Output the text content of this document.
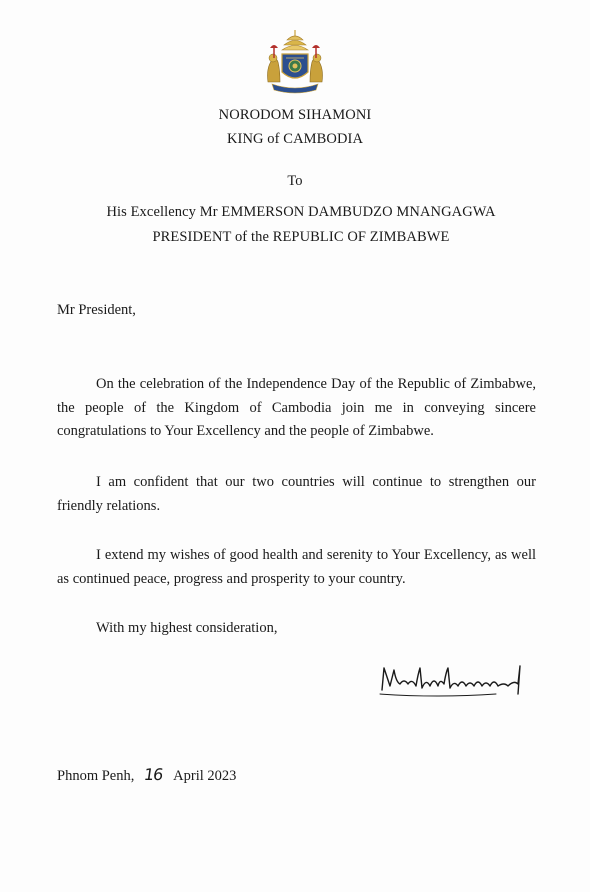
NORODOM SIHAMONI
KING of CAMBODIA
To
His Excellency Mr EMMERSON DAMBUDZO MNANGAGWA
PRESIDENT of the REPUBLIC OF ZIMBABWE
Mr President,

On the celebration of the Independence Day of the Republic of Zimbabwe, the people of the Kingdom of Cambodia join me in conveying sincere congratulations to Your Excellency and the people of Zimbabwe.

I am confident that our two countries will continue to strengthen our friendly relations.

I extend my wishes of good health and serenity to Your Excellency, as well as continued peace, progress and prosperity to your country.

With my highest consideration,
Phnom Penh, 16 April 2023
